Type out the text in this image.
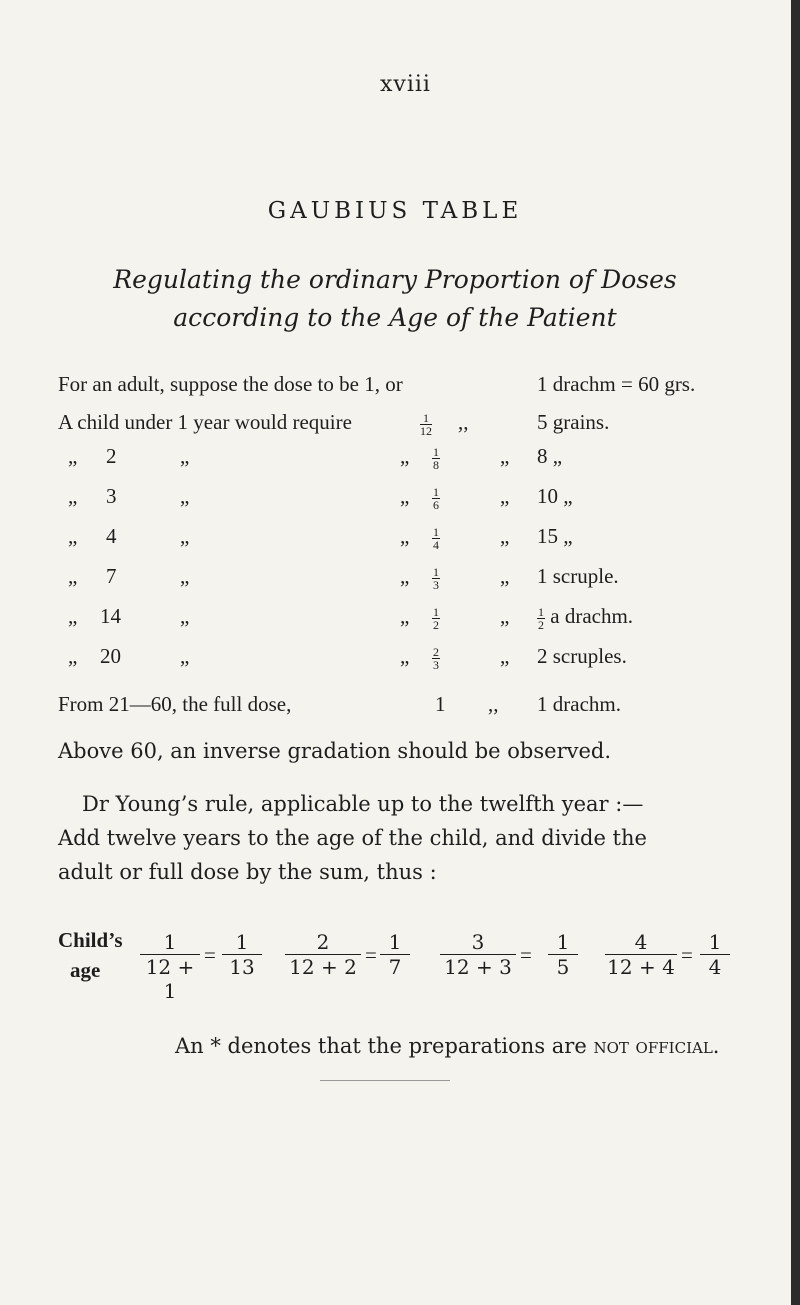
xviii
GAUBIUS TABLE
Regulating the ordinary Proportion of Doses
according to the Age of the Patient
For an adult, suppose the dose to be 1, or	1 drachm = 60 grs.
A child under 1 year would require	$\frac{1}{12}$ ,,	5 grains.
„ 2	„	„ $\frac{1}{8}$	„ 8 „
„ 3	„	„ $\frac{1}{6}$	„ 10 „
„ 4	„	„ $\frac{1}{4}$	„ 15 „
„ 7	„	„ $\frac{1}{3}$	„ 1 scruple.
„ 14	„	„ $\frac{1}{2}$	„ $\frac{1}{2}$ a drachm.
„ 20	„	„ $\frac{2}{3}$	„ 2 scruples.
From 21—60, the full dose,	1 ,, 1 drachm.
Above 60, an inverse gradation should be observed.
Dr Young’s rule, applicable up to the twelfth year :—
Add twelve years to the age of the child, and divide the
adult or full dose by the sum, thus :
Child’s
age $\frac{1}{12 + 1} = \frac{1}{13} \frac{2}{12 + 2} = \frac{1}{7} \frac{3}{12 + 3} = \frac{1}{5} \frac{4}{12 + 4} = \frac{1}{4}$
An * denotes that the preparations are not official.
